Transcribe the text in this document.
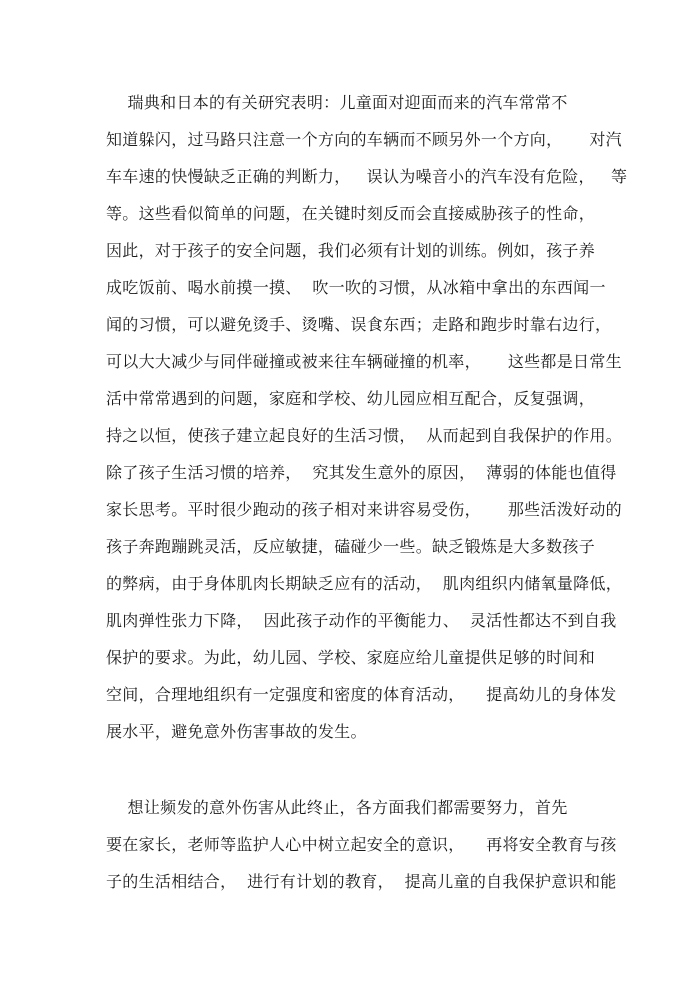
瑞典和日本的有关研究表明：儿童面对迎面而来的汽车常常不
知道躲闪，过马路只注意一个方向的车辆而不顾另外一个方向，     对汽
车车速的快慢缺乏正确的判断力，   误认为噪音小的汽车没有危险，   等
等。这些看似简单的问题，在关键时刻反而会直接威胁孩子的性命，
因此，对于孩子的安全问题，我们必须有计划的训练。例如，孩子养
成吃饭前、喝水前摸一摸、  吹一吹的习惯，从冰箱中拿出的东西闻一
闻的习惯，可以避免烫手、烫嘴、误食东西；走路和跑步时靠右边行，
可以大大减少与同伴碰撞或被来往车辆碰撞的机率，     这些都是日常生
活中常常遇到的问题，家庭和学校、幼儿园应相互配合，反复强调，
持之以恒，使孩子建立起良好的生活习惯，  从而起到自我保护的作用。
除了孩子生活习惯的培养，  究其发生意外的原因，  薄弱的体能也值得
家长思考。平时很少跑动的孩子相对来讲容易受伤，     那些活泼好动的
孩子奔跑蹦跳灵活，反应敏捷，磕碰少一些。缺乏锻炼是大多数孩子
的弊病，由于身体肌肉长期缺乏应有的活动，  肌肉组织内储氧量降低，
肌肉弹性张力下降，  因此孩子动作的平衡能力、  灵活性都达不到自我
保护的要求。为此，幼儿园、学校、家庭应给儿童提供足够的时间和
空间，合理地组织有一定强度和密度的体育活动，    提高幼儿的身体发
展水平，避免意外伤害事故的发生。
想让频发的意外伤害从此终止，各方面我们都需要努力，首先
要在家长，老师等监护人心中树立起安全的意识，    再将安全教育与孩
子的生活相结合，  进行有计划的教育，  提高儿童的自我保护意识和能
